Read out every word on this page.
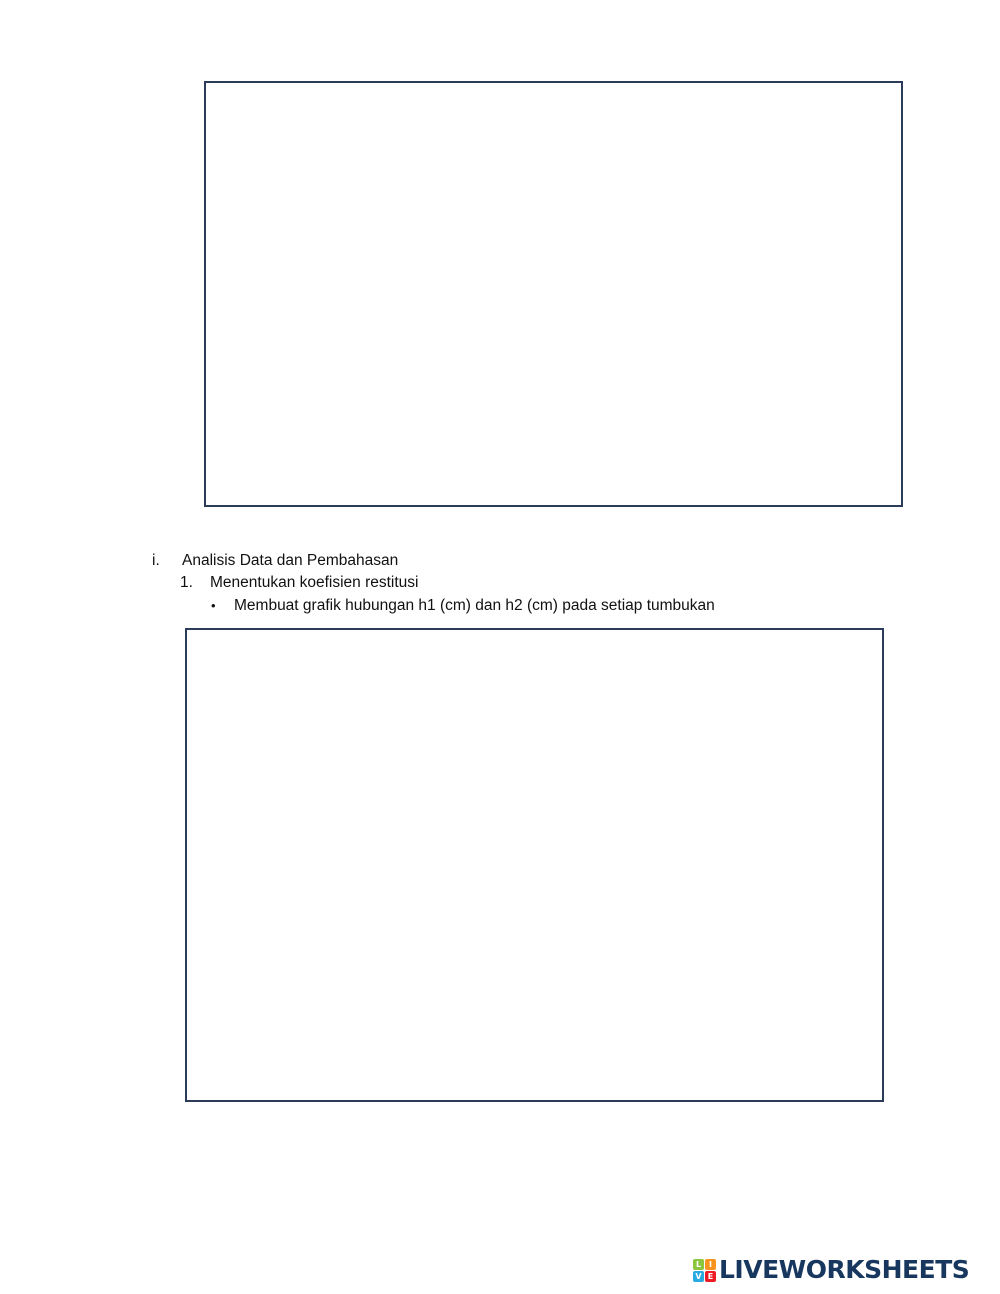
i. Analisis Data dan Pembahasan
1. Menentukan koefisien restitusi
• Membuat grafik hubungan h1 (cm) dan h2 (cm) pada setiap tumbukan
L I
V E LIVEWORKSHEETS
